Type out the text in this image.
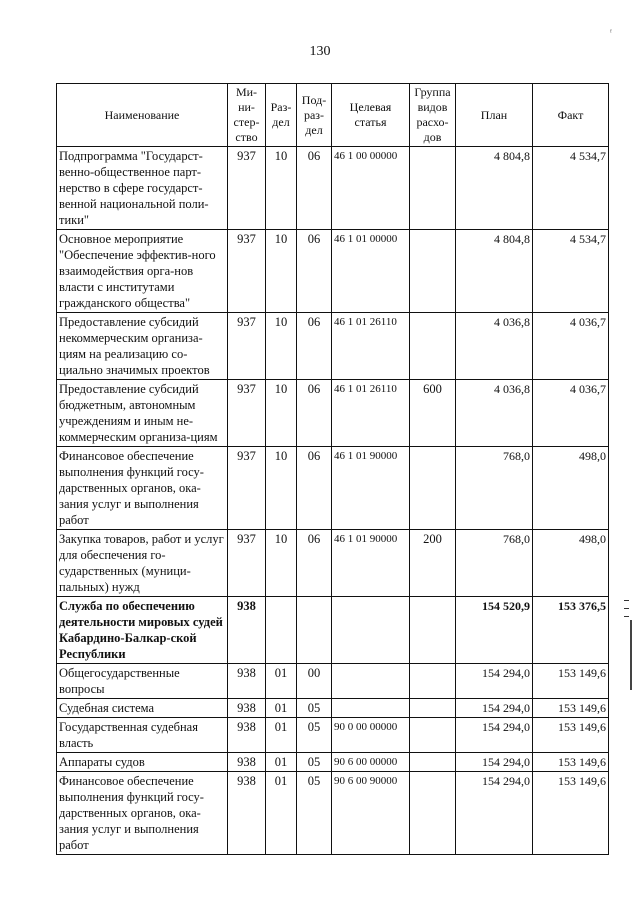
130
ᶠ
Наименование	Ми-
ни-
стер-
ство	Раз-
дел	Под-
раз-
дел	Целевая
статья	Группа
видов
расхо-
дов	План	Факт
Подпрограмма "Государст-венно-общественное парт-нерство в сфере государст-венной национальной поли-тики"	937	10	06	46 1 00 00000		4 804,8	4 534,7
Основное мероприятие "Обеспечение эффектив-ного взаимодействия орга-нов власти с институтами гражданского общества"	937	10	06	46 1 01 00000		4 804,8	4 534,7
Предоставление субсидий некоммерческим организа-циям на реализацию со-циально значимых проектов	937	10	06	46 1 01 26110		4 036,8	4 036,7
Предоставление субсидий бюджетным, автономным учреждениям и иным не-коммерческим организа-циям	937	10	06	46 1 01 26110	600	4 036,8	4 036,7
Финансовое обеспечение выполнения функций госу-дарственных органов, ока-зания услуг и выполнения работ	937	10	06	46 1 01 90000		768,0	498,0
Закупка товаров, работ и услуг для обеспечения го-сударственных (муници-пальных) нужд	937	10	06	46 1 01 90000	200	768,0	498,0
Служба по обеспечению деятельности мировых судей Кабардино-Балкар-ской Республики	938					154 520,9	153 376,5
Общегосударственные вопросы	938	01	00			154 294,0	153 149,6
Судебная система	938	01	05			154 294,0	153 149,6
Государственная судебная власть	938	01	05	90 0 00 00000		154 294,0	153 149,6
Аппараты судов	938	01	05	90 6 00 00000		154 294,0	153 149,6
Финансовое обеспечение выполнения функций госу-дарственных органов, ока-зания услуг и выполнения работ	938	01	05	90 6 00 90000		154 294,0	153 149,6
